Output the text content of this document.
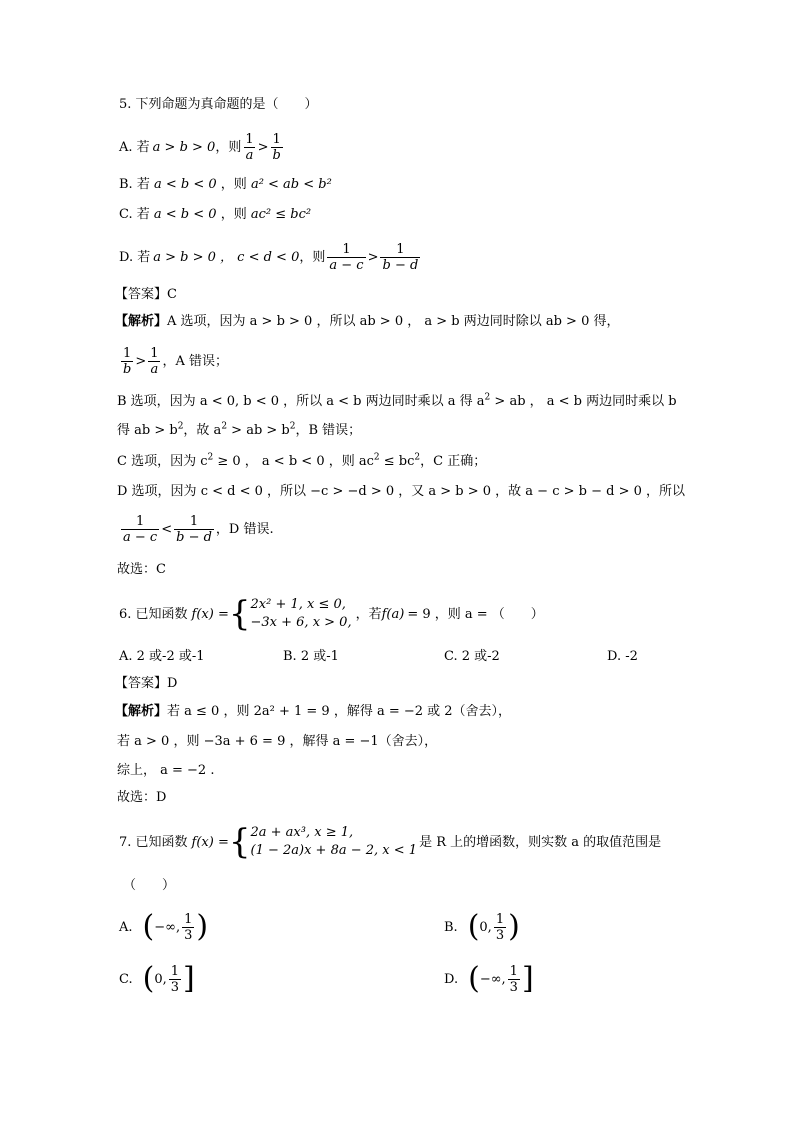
5. 下列命题为真命题的是（　　）
A. 若 a > b > 0 ，则 $\frac{1}{a} > \frac{1}{b}$
B. 若 a < b < 0 ，则 a² < ab < b²
C. 若 a < b < 0 ，则 ac² ≤ bc²
D. 若 a > b > 0 ， c < d < 0 ，则 $\frac{1}{a - c} > \frac{1}{b - d}$
【答案】C
【解析】A 选项，因为 a > b > 0 ，所以 ab > 0 ， a > b 两边同时除以 ab > 0 得，
$\frac{1}{b} > \frac{1}{a}$ ，A 错误；
B 选项，因为 a < 0, b < 0 ，所以 a < b 两边同时乘以 a 得 $a^2$ > ab ， a < b 两边同时乘以 b
得 ab > $b^2$，故 $a^2$ > ab > $b^2$，B 错误；
C 选项，因为 $c^2 \ge 0$ ， a < b < 0 ，则 $ac^2 \le bc^2$，C 正确；
D 选项，因为 c < d < 0 ，所以 −c > −d > 0 ，又 a > b > 0 ，故 a − c > b − d > 0 ，所以
$\frac{1}{a - c} < \frac{1}{b - d}$ ，D 错误.
故选：C
6. 已知函数 f(x) = { 2x² + 1, x ≤ 0,
−3x + 6, x > 0,
，若 f(a) = 9 ，则 a = （　　）
A. 2 或-2 或-1	B. 2 或-1	C. 2 或-2	D. -2
【答案】D
【解析】若 a ≤ 0 ，则 2a² + 1 = 9 ，解得 a = −2 或 2（舍去），
若 a > 0 ，则 −3a + 6 = 9 ，解得 a = −1（舍去），
综上， a = −2 .
故选：D
7. 已知函数 f(x) = { 2a + ax³, x ≥ 1,
(1 − 2a)x + 8a − 2, x < 1
是 R 上的增函数，则实数 a 的取值范围是
（　　）
A. ( −∞, $\frac{1}{3}$ )	B. ( 0, $\frac{1}{3}$ )
C. ( 0, $\frac{1}{3}$ ]	D. ( −∞, $\frac{1}{3}$ ]
